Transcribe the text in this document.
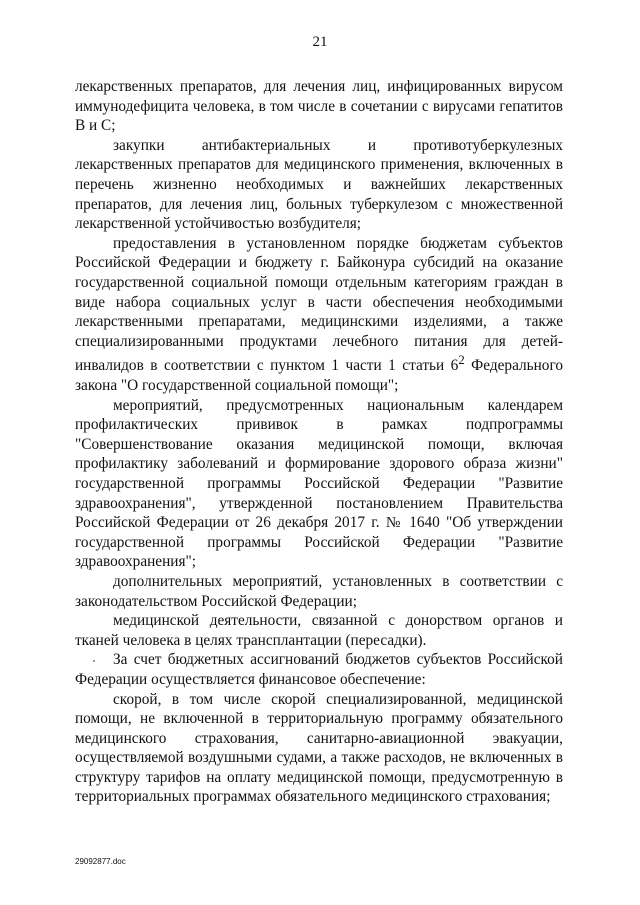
21

лекарственных препаратов, для лечения лиц, инфицированных вирусом иммунодефицита человека, в том числе в сочетании с вирусами гепатитов B и C;

закупки антибактериальных и противотуберкулезных лекарственных препаратов для медицинского применения, включенных в перечень жизненно необходимых и важнейших лекарственных препаратов, для лечения лиц, больных туберкулезом с множественной лекарственной устойчивостью возбудителя;

предоставления в установленном порядке бюджетам субъектов Российской Федерации и бюджету г. Байконура субсидий на оказание государственной социальной помощи отдельным категориям граждан в виде набора социальных услуг в части обеспечения необходимыми лекарственными препаратами, медицинскими изделиями, а также специализированными продуктами лечебного питания для детей-инвалидов в соответствии с пунктом 1 части 1 статьи $6^2$ Федерального закона "О государственной социальной помощи";

мероприятий, предусмотренных национальным календарем профилактических прививок в рамках подпрограммы "Совершенствование оказания медицинской помощи, включая профилактику заболеваний и формирование здорового образа жизни" государственной программы Российской Федерации "Развитие здравоохранения", утвержденной постановлением Правительства Российской Федерации от 26 декабря 2017 г. № 1640 "Об утверждении государственной программы Российской Федерации "Развитие здравоохранения";

дополнительных мероприятий, установленных в соответствии с законодательством Российской Федерации;

медицинской деятельности, связанной с донорством органов и тканей человека в целях трансплантации (пересадки).

За счет бюджетных ассигнований бюджетов субъектов Российской Федерации осуществляется финансовое обеспечение:

скорой, в том числе скорой специализированной, медицинской помощи, не включенной в территориальную программу обязательного медицинского страхования, санитарно-авиационной эвакуации, осуществляемой воздушными судами, а также расходов, не включенных в структуру тарифов на оплату медицинской помощи, предусмотренную в территориальных программах обязательного медицинского страхования;

29092877.doc
